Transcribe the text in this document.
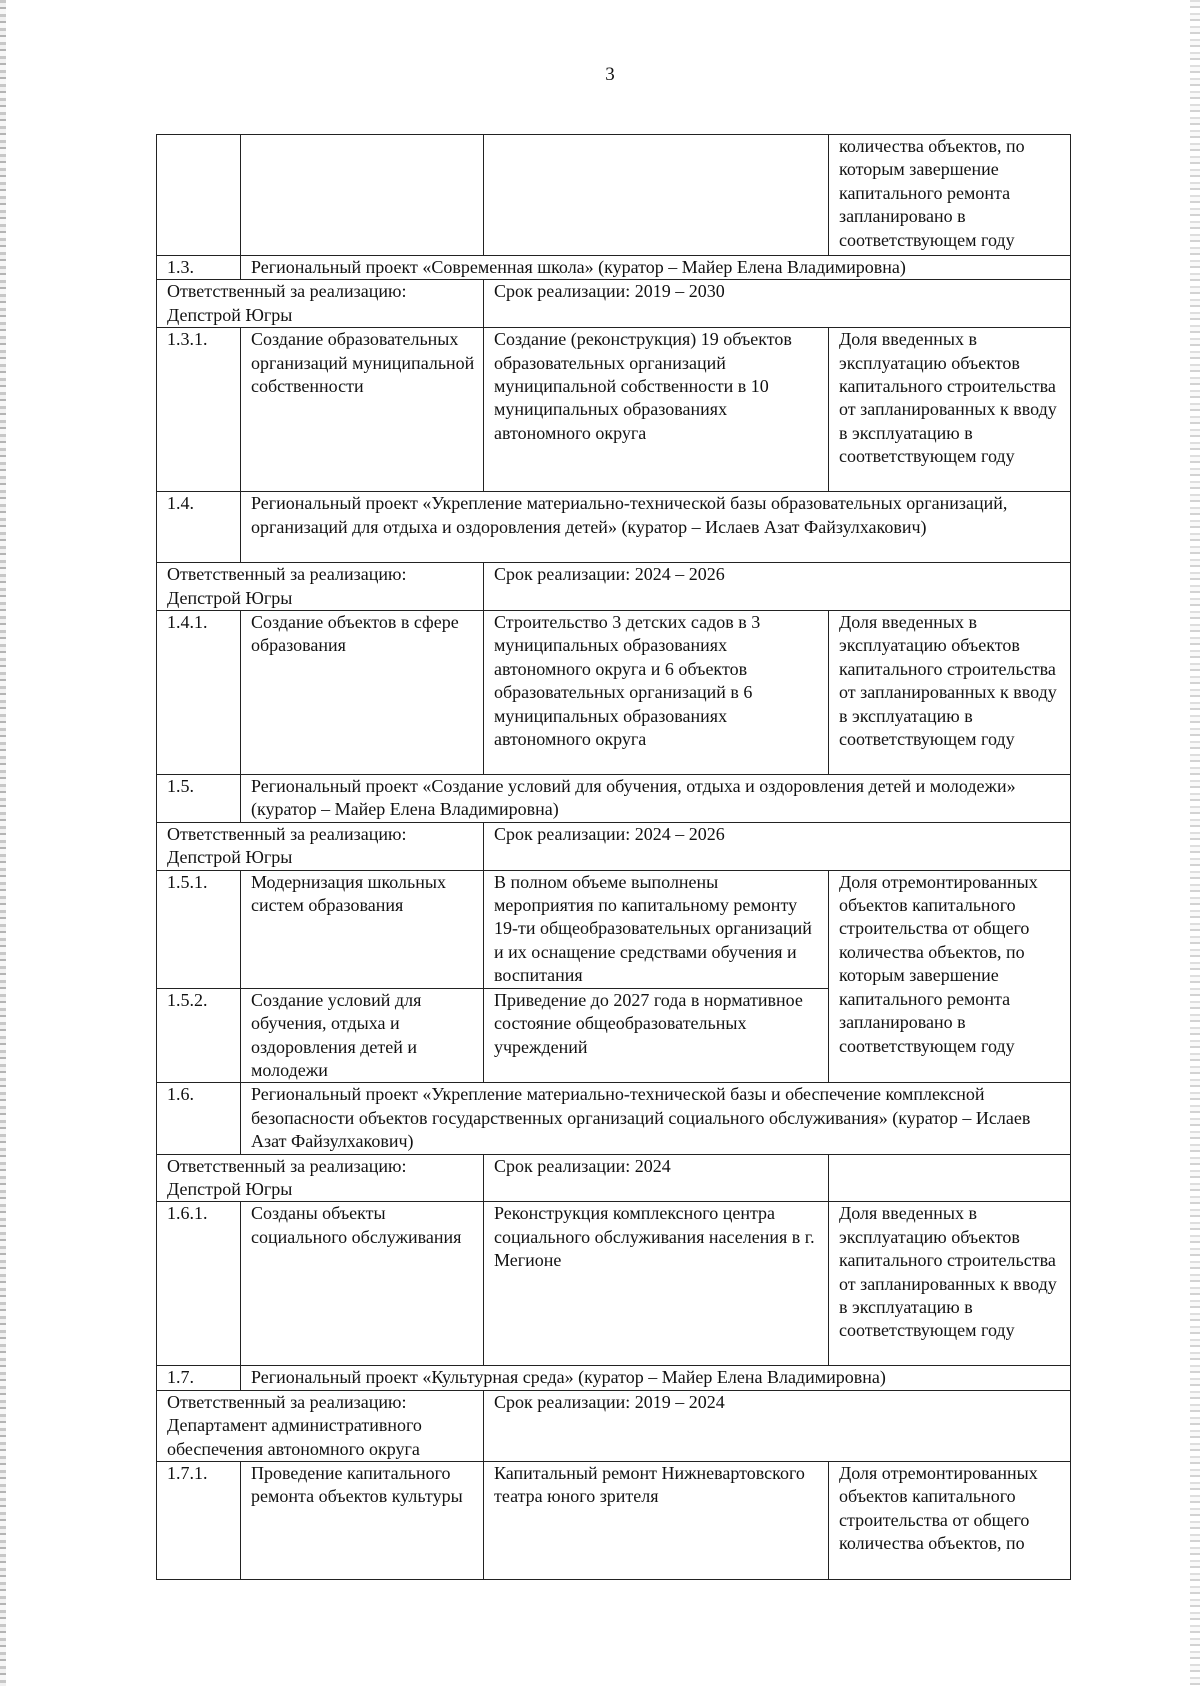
3
			количества объектов, по которым завершение капитального ремонта запланировано в соответствующем году
1.3.	Региональный проект «Современная школа» (куратор – Майер Елена Владимировна)		
Ответственный за реализацию: Депстрой Югры		Срок реализации: 2019 – 2030	
1.3.1.	Создание образовательных организаций муниципальной собственности	Создание (реконструкция) 19 объектов образовательных организаций муниципальной собственности в 10 муниципальных образованиях автономного округа	Доля введенных в эксплуатацию объектов капитального строительства от запланированных к вводу в эксплуатацию в соответствующем году
1.4.	Региональный проект «Укрепление материально-технической базы образовательных организаций, организаций для отдыха и оздоровления детей» (куратор – Ислаев Азат Файзулхакович)		
Ответственный за реализацию: Депстрой Югры		Срок реализации: 2024 – 2026	
1.4.1.	Создание объектов в сфере образования	Строительство 3 детских садов в 3 муниципальных образованиях автономного округа и 6 объектов образовательных организаций в 6 муниципальных образованиях автономного округа	Доля введенных в эксплуатацию объектов капитального строительства от запланированных к вводу в эксплуатацию в соответствующем году
1.5.	Региональный проект «Создание условий для обучения, отдыха и оздоровления детей и молодежи» (куратор – Майер Елена Владимировна)		
Ответственный за реализацию: Депстрой Югры		Срок реализации: 2024 – 2026	
1.5.1.	Модернизация школьных систем образования	В полном объеме выполнены мероприятия по капитальному ремонту 19-ти общеобразовательных организаций и их оснащение средствами обучения и воспитания	Доля отремонтированных объектов капитального строительства от общего количества объектов, по которым завершение капитального ремонта запланировано в соответствующем году
1.5.2.	Создание условий для обучения, отдыха и оздоровления детей и молодежи	Приведение до 2027 года в нормативное состояние общеобразовательных учреждений	
1.6.	Региональный проект «Укрепление материально-технической базы и обеспечение комплексной безопасности объектов государственных организаций социального обслуживания» (куратор – Ислаев Азат Файзулхакович)		
Ответственный за реализацию: Депстрой Югры		Срок реализации: 2024	
1.6.1.	Созданы объекты социального обслуживания	Реконструкция комплексного центра социального обслуживания населения в г. Мегионе	Доля введенных в эксплуатацию объектов капитального строительства от запланированных к вводу в эксплуатацию в соответствующем году
1.7.	Региональный проект «Культурная среда» (куратор – Майер Елена Владимировна)		
Ответственный за реализацию: Департамент административного обеспечения автономного округа		Срок реализации: 2019 – 2024	
1.7.1.	Проведение капитального ремонта объектов культуры	Капитальный ремонт Нижневартовского театра юного зрителя	Доля отремонтированных объектов капитального строительства от общего количества объектов, по
